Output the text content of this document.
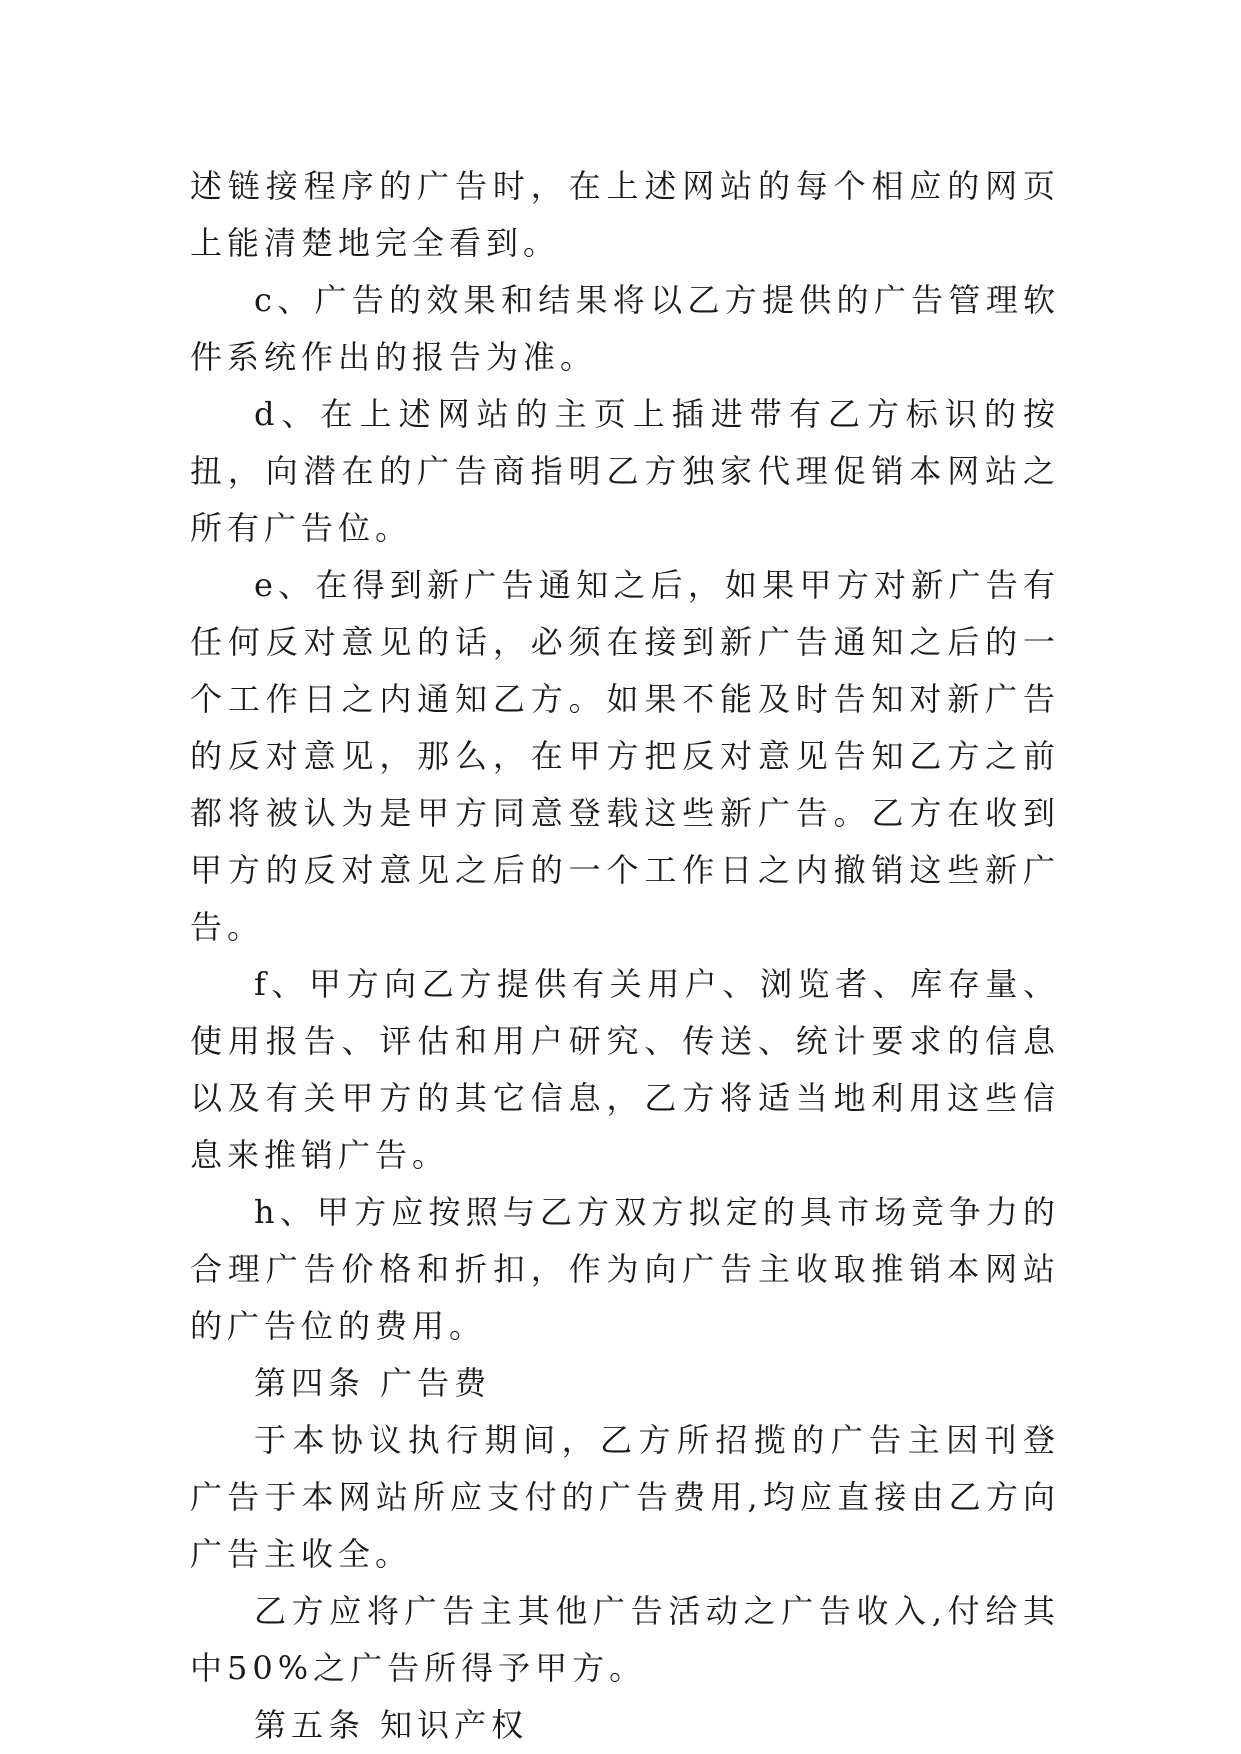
述链接程序的广告时，在上述网站的每个相应的网页上能清楚地完全看到。

c、广告的效果和结果将以乙方提供的广告管理软件系统作出的报告为准。

d、在上述网站的主页上插进带有乙方标识的按扭，向潜在的广告商指明乙方独家代理促销本网站之所有广告位。

e、在得到新广告通知之后，如果甲方对新广告有任何反对意见的话，必须在接到新广告通知之后的一个工作日之内通知乙方。如果不能及时告知对新广告的反对意见，那么，在甲方把反对意见告知乙方之前都将被认为是甲方同意登载这些新广告。乙方在收到甲方的反对意见之后的一个工作日之内撤销这些新广告。

f、甲方向乙方提供有关用户、浏览者、库存量、使用报告、评估和用户研究、传送、统计要求的信息以及有关甲方的其它信息，乙方将适当地利用这些信息来推销广告。

h、甲方应按照与乙方双方拟定的具市场竞争力的合理广告价格和折扣，作为向广告主收取推销本网站的广告位的费用。

第四条 广告费

于本协议执行期间，乙方所招揽的广告主因刊登广告于本网站所应支付的广告费用,均应直接由乙方向广告主收全。

乙方应将广告主其他广告活动之广告收入,付给其中50%之广告所得予甲方。

第五条 知识产权
